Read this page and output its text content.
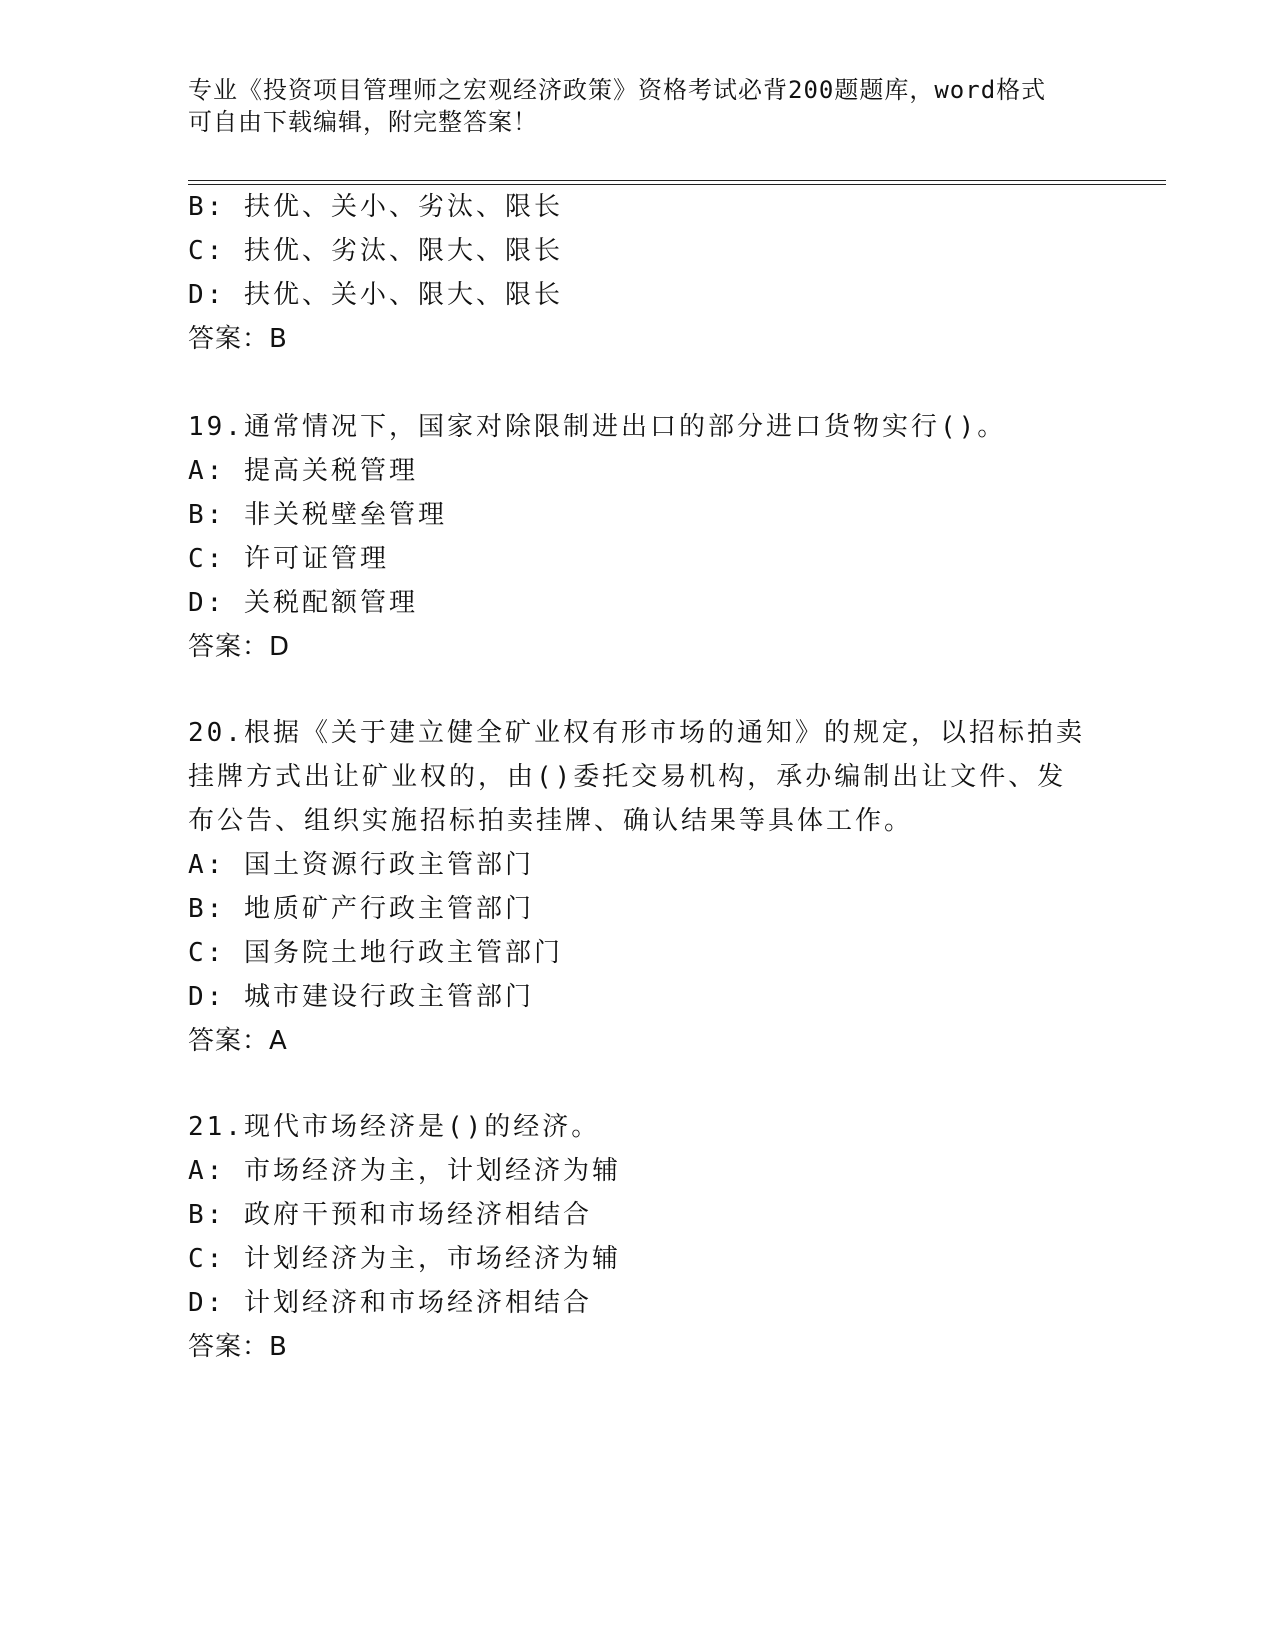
专业《投资项目管理师之宏观经济政策》资格考试必背200题题库，word格式可自由下载编辑，附完整答案！
B: 扶优、关小、劣汰、限长
C: 扶优、劣汰、限大、限长
D: 扶优、关小、限大、限长
答案：B
19.通常情况下，国家对除限制进出口的部分进口货物实行()。
A: 提高关税管理
B: 非关税壁垒管理
C: 许可证管理
D: 关税配额管理
答案：D
20.根据《关于建立健全矿业权有形市场的通知》的规定，以招标拍卖
挂牌方式出让矿业权的，由()委托交易机构，承办编制出让文件、发
布公告、组织实施招标拍卖挂牌、确认结果等具体工作。
A: 国土资源行政主管部门
B: 地质矿产行政主管部门
C: 国务院土地行政主管部门
D: 城市建设行政主管部门
答案：A
21.现代市场经济是()的经济。
A: 市场经济为主，计划经济为辅
B: 政府干预和市场经济相结合
C: 计划经济为主，市场经济为辅
D: 计划经济和市场经济相结合
答案：B
